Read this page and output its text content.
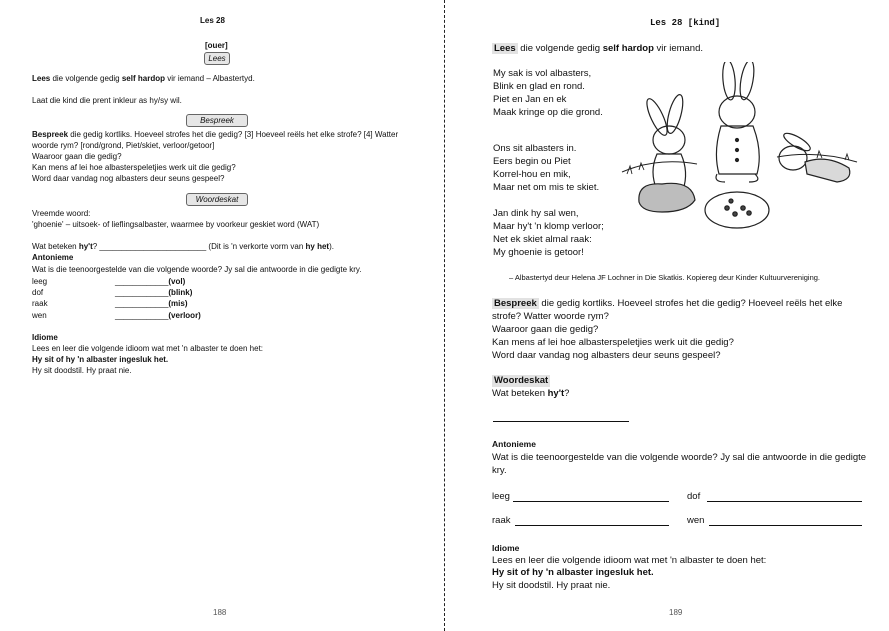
Les 28
[ouer]
Lees
Lees die volgende gedig self hardop vir iemand – Albastertyd.
Laat die kind die prent inkleur as hy/sy wil.
Bespreek
Bespreek die gedig kortliks. Hoeveel strofes het die gedig? [3] Hoeveel reëls het elke strofe? [4] Watter
woorde rym? [rond/grond, Piet/skiet, verloor/getoor]
Waaroor gaan die gedig?
Kan mens af lei hoe albasterspeletjies werk uit die gedig?
Word daar vandag nog albasters deur seuns gespeel?
Woordeskat
Vreemde woord:
'ghoenie' – uitsoek- of lieflingsalbaster, waarmee by voorkeur geskiet word (WAT)
Wat beteken hy't? ________________________ (Dit is 'n verkorte vorm van hy het).
Antonieme
Wat is die teenoorgestelde van die volgende woorde? Jy sal die antwoorde in die gedigte kry.
leeg	____________(vol)
dof	____________(blink)
raak	____________(mis)
wen	____________(verloor)
Idiome
Lees en leer die volgende idioom wat met 'n albaster te doen het:
Hy sit of hy 'n albaster ingesluk het.
Hy sit doodstil. Hy praat nie.
188
Les 28 [kind]
Lees die volgende gedig self hardop vir iemand.
My sak is vol albasters,
Blink en glad en rond.
Piet en Jan en ek
Maak kringe op die grond.
Ons sit albasters in.
Eers begin ou Piet
Korrel-hou en mik,
Maar net om mis te skiet.
Jan dink hy sal wen,
Maar hy't 'n klomp verloor;
Net ek skiet almal raak:
My ghoenie is getoor!
– Albastertyd deur Helena JF Lochner in Die Skatkis. Kopiereg deur Kinder Kultuurvereniging.
Bespreek die gedig kortliks. Hoeveel strofes het die gedig? Hoeveel reëls het elke
strofe? Watter woorde rym?
Waaroor gaan die gedig?
Kan mens af lei hoe albasterspeletjies werk uit die gedig?
Word daar vandag nog albasters deur seuns gespeel?
Woordeskat
Wat beteken hy't?
Antonieme
Wat is die teenoorgestelde van die volgende woorde? Jy sal die antwoorde in die gedigte
kry.
leeg	dof
raak	wen
Idiome
Lees en leer die volgende idioom wat met 'n albaster te doen het:
Hy sit of hy 'n albaster ingesluk het.
Hy sit doodstil. Hy praat nie.
189
